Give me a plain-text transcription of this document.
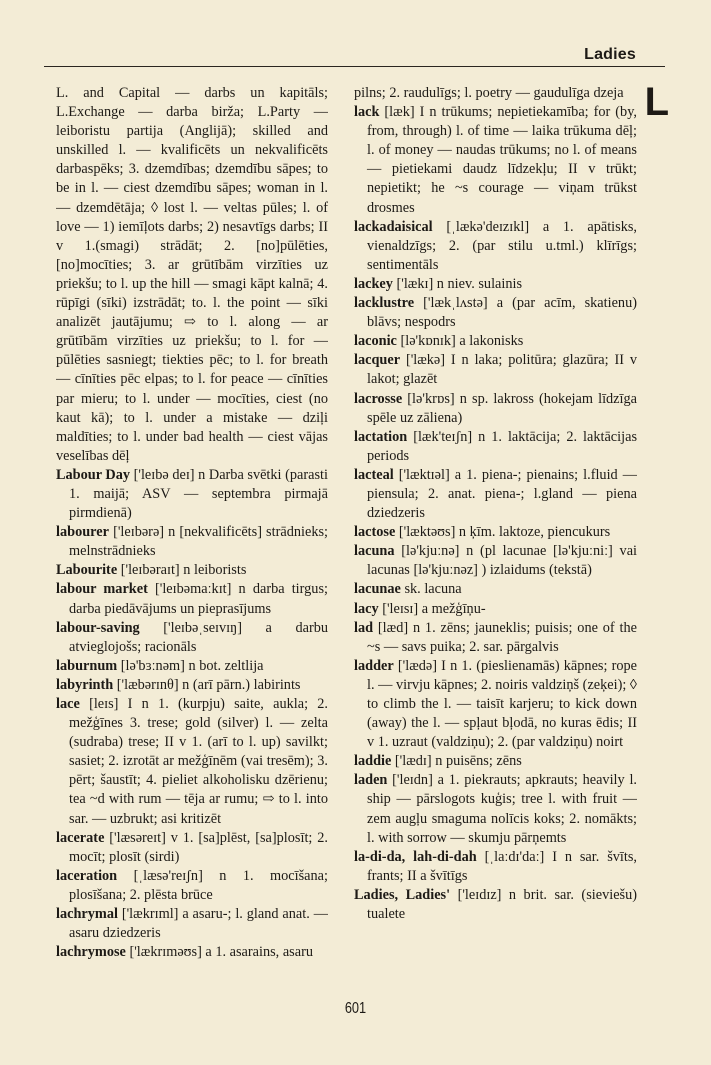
Ladies
L

L. and Capital — darbs un kapitāls; L.Exchange — darba birža; L.Party — leiboristu partija (Anglijā); skilled and unskilled l. — kvalificēts un nekvalificēts darbaspēks; 3. dzemdības; dzemdību sāpes; to be in l. — ciest dzemdību sāpes; woman in l. — dzemdētāja; ◊ lost l. — veltas pūles; l. of love — 1) iemīļots darbs; 2) nesavtīgs darbs; II v 1.(smagi) strādāt; 2. [no]pūlēties, [no]mocīties; 3. ar grūtībām virzīties uz priekšu; to l. up the hill — smagi kāpt kalnā; 4. rūpīgi (sīki) izstrādāt; to. l. the point — sīki analizēt jautājumu; ⇨ to l. along — ar grūtībām virzīties uz priekšu; to l. for — pūlēties sasniegt; tiekties pēc; to l. for breath — cīnīties pēc elpas; to l. for peace — cīnīties par mieru; to l. under — mocīties, ciest (no kaut kā); to l. under a mistake — dziļi maldīties; to l. under bad health — ciest vājas veselības dēļ

Labour Day ['leɪbə deɪ] n Darba svētki (parasti 1. maijā; ASV — septembra pirmajā pirmdienā)

labourer ['leɪbərə] n [nekvalificēts] strādnieks; melnstrādnieks

Labourite ['leɪbəraɪt] n leiborists

labour market ['leɪbəmaːkɪt] n darba tirgus; darba piedāvājums un pieprasījums

labour-saving ['leɪbəˌseɪvɪŋ] a darbu atvieglojošs; racionāls

laburnum [lə'bɜːnəm] n bot. zeltlija

labyrinth ['læbərɪnθ] n (arī pārn.) labirints

lace [leɪs] I n 1. (kurpju) saite, aukla; 2. mežģīnes 3. trese; gold (silver) l. — zelta (sudraba) trese; II v 1. (arī to l. up) savilkt; sasiet; 2. izrotāt ar mežģīnēm (vai tresēm); 3. pērt; šaustīt; 4. pieliet alkoholisku dzērienu; tea ~d with rum — tēja ar rumu; ⇨ to l. into sar. — uzbrukt; asi kritizēt

lacerate ['læsəreɪt] v 1. [sa]plēst, [sa]plosīt; 2. mocīt; plosīt (sirdi)

laceration [ˌlæsə'reɪʃn] n 1. mocīšana; plosīšana; 2. plēsta brūce

lachrymal ['lækrɪml] a asaru-; l. gland anat. — asaru dziedzeris

lachrymose ['lækrɪməʊs] a 1. asarains, asaru

pilns; 2. raudulīgs; l. poetry — gaudulīga dzeja

lack [læk] I n trūkums; nepietiekamība; for (by, from, through) l. of time — laika trūkuma dēļ; l. of money — naudas trūkums; no l. of means — pietiekami daudz līdzekļu; II v trūkt; nepietikt; he ~s courage — viņam trūkst drosmes

lackadaisical [ˌlækə'deɪzɪkl] a 1. apātisks, vienaldzīgs; 2. (par stilu u.tml.) klīrīgs; sentimentāls

lackey ['lækɪ] n niev. sulainis

lacklustre ['lækˌlʌstə] a (par acīm, skatienu) blāvs; nespodrs

laconic [lə'kɒnɪk] a lakonisks

lacquer ['lækə] I n laka; politūra; glazūra; II v lakot; glazēt

lacrosse [lə'krɒs] n sp. lakross (hokejam līdzīga spēle uz zāliena)

lactation [læk'teɪʃn] n 1. laktācija; 2. laktācijas periods

lacteal ['læktɪəl] a 1. piena-; pienains; l.fluid — piensula; 2. anat. piena-; l.gland — piena dziedzeris

lactose ['læktəʊs] n ķīm. laktoze, piencukurs

lacuna [lə'kjuːnə] n (pl lacunae [lə'kjuːniː] vai lacunas [lə'kjuːnəz] ) izlaidums (tekstā)

lacunae sk. lacuna

lacy ['leɪsɪ] a mežģīņu-

lad [læd] n 1. zēns; jauneklis; puisis; one of the ~s — savs puika; 2. sar. pārgalvis

ladder ['lædə] I n 1. (pieslienamās) kāpnes; rope l. — virvju kāpnes; 2. noiris valdziņš (zeķei); ◊ to climb the l. — taisīt karjeru; to kick down (away) the l. — spļaut bļodā, no kuras ēdis; II v 1. uzraut (valdziņu); 2. (par valdziņu) noirt

laddie ['lædɪ] n puisēns; zēns

laden ['leɪdn] a 1. piekrauts; apkrauts; heavily l. ship — pārslogots kuģis; tree l. with fruit — zem augļu smaguma nolīcis koks; 2. nomākts; l. with sorrow — skumju pārņemts

la-di-da, lah-di-dah [ˌlaːdɪ'daː] I n sar. švīts, frants; II a švītīgs

Ladies, Ladies' ['leɪdɪz] n brit. sar. (sieviešu) tualete

601
